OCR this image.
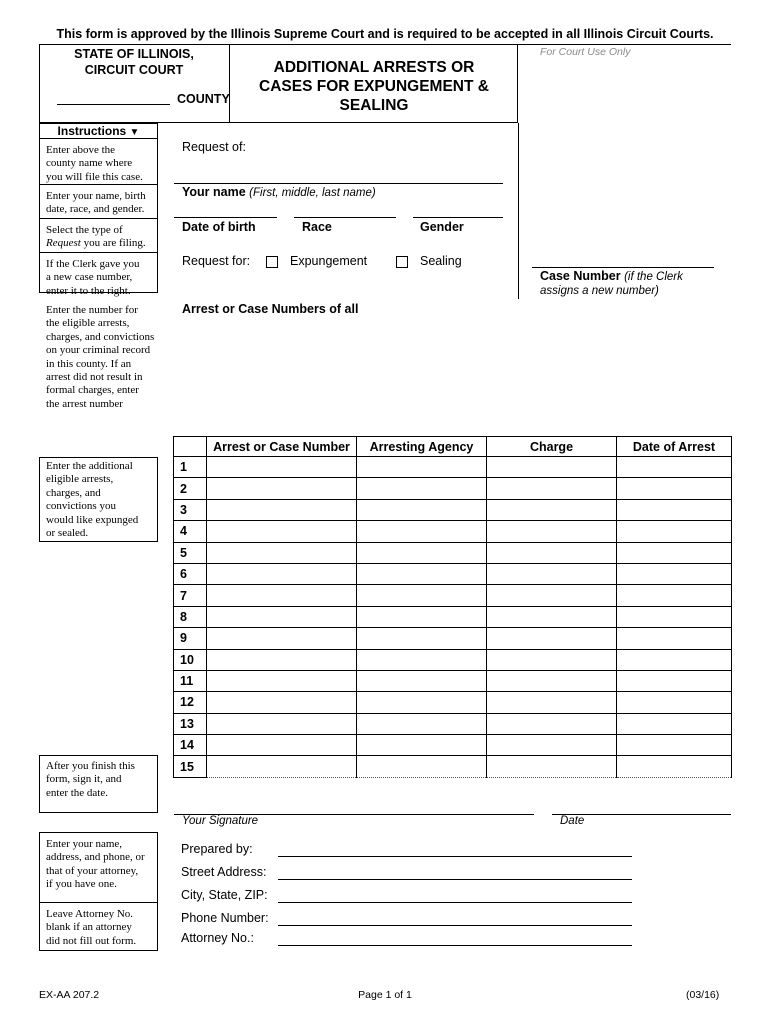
This form is approved by the Illinois Supreme Court and is required to be accepted in all Illinois Circuit Courts.
STATE OF ILLINOIS,
CIRCUIT COURT
COUNTY
ADDITIONAL ARRESTS OR
CASES FOR EXPUNGEMENT &
SEALING
For Court Use Only
Instructions ▼
Enter above the
county name where
you will file this case.
Enter your name, birth
date, race, and gender.
Select the type of
Request you are filing.
If the Clerk gave you
a new case number,
enter it to the right.
Enter the number for
the eligible arrests,
charges, and convictions
on your criminal record
in this county. If an
arrest did not result in
formal charges, enter
the arrest number
Enter the additional
eligible arrests,
charges, and
convictions you
would like expunged
or sealed.
After you finish this
form, sign it, and
enter the date.
Enter your name,
address, and phone, or
that of your attorney,
if you have one.
Leave Attorney No.
blank if an attorney
did not fill out form.
Request of:
Your name (First, middle, last name)
Date of birth	Race	Gender
Request for:	Expungement	Sealing
Case Number (if the Clerk
assigns a new number)
Arrest or Case Numbers of all
	Arrest or Case Number	Arresting Agency	Charge	Date of Arrest
1				
2				
3				
4				
5				
6				
7				
8				
9				
10				
11				
12				
13				
14				
15				
Your Signature	Date
Prepared by:
Street Address:
City, State, ZIP:
Phone Number:
Attorney No.:
EX-AA 207.2	Page 1 of 1	(03/16)
